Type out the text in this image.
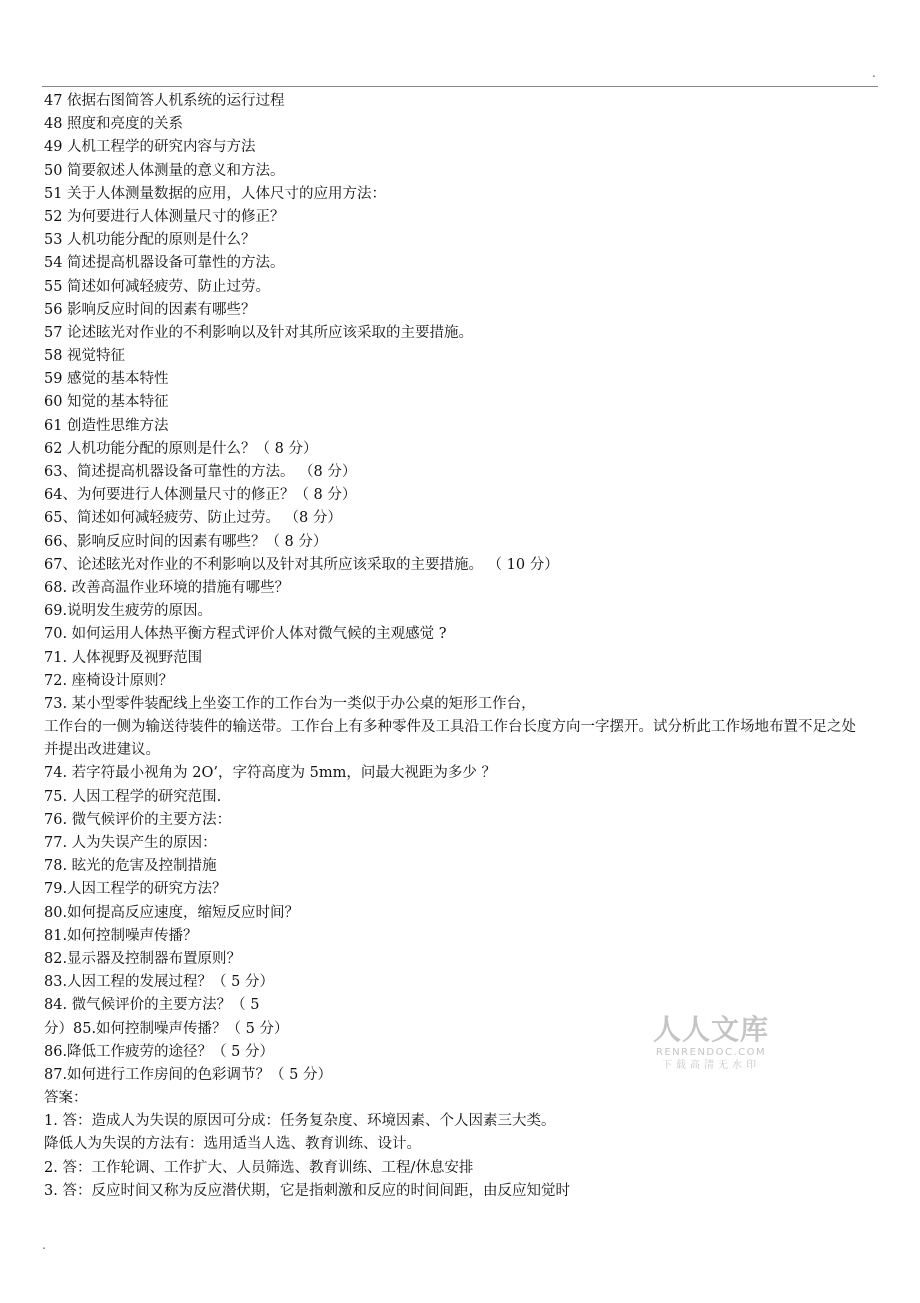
.
47 依据右图简答人机系统的运行过程
48 照度和亮度的关系
49 人机工程学的研究内容与方法
50 简要叙述人体测量的意义和方法。
51 关于人体测量数据的应用，人体尺寸的应用方法：
52 为何要进行人体测量尺寸的修正？
53 人机功能分配的原则是什么？
54 简述提高机器设备可靠性的方法。
55 简述如何减轻疲劳、防止过劳。
56 影响反应时间的因素有哪些？
57 论述眩光对作业的不利影响以及针对其所应该采取的主要措施。
58 视觉特征
59 感觉的基本特性
60 知觉的基本特征
61 创造性思维方法
62 人机功能分配的原则是什么？（ 8 分）
63、简述提高机器设备可靠性的方法。 （8 分）
64、为何要进行人体测量尺寸的修正？（ 8 分）
65、简述如何减轻疲劳、防止过劳。 （8 分）
66、影响反应时间的因素有哪些？（ 8 分）
67、论述眩光对作业的不利影响以及针对其所应该采取的主要措施。 （ 10 分）
68. 改善高温作业环境的措施有哪些？
69.说明发生疲劳的原因。
70. 如何运用人体热平衡方程式评价人体对微气候的主观感觉 ?
71. 人体视野及视野范围
72. 座椅设计原则？
73. 某小型零件装配线上坐姿工作的工作台为一类似于办公桌的矩形工作台，
工作台的一侧为输送待装件的输送带。工作台上有多种零件及工具沿工作台长度方向一字摆开。试分析此工作场地布置不足之处
并提出改进建议。
74. 若字符最小视角为 2O’，字符高度为 5mm，问最大视距为多少 ？
75. 人因工程学的研究范围.
76. 微气候评价的主要方法：
77. 人为失误产生的原因：
78. 眩光的危害及控制措施
79.人因工程学的研究方法？
80.如何提高反应速度，缩短反应时间？
81.如何控制噪声传播？
82.显示器及控制器布置原则？
83.人因工程的发展过程？（ 5 分）
84. 微气候评价的主要方法？（ 5
分）85.如何控制噪声传播？（ 5 分）
86.降低工作疲劳的途径？（ 5 分）
87.如何进行工作房间的色彩调节？（ 5 分）
答案：
1. 答：造成人为失误的原因可分成：任务复杂度、环境因素、个人因素三大类。
降低人为失误的方法有：选用适当人选、教育训练、设计。
2. 答：工作轮调、工作扩大、人员筛选、教育训练、工程/休息安排
3. 答：反应时间又称为反应潜伏期，它是指刺激和反应的时间间距，由反应知觉时
人人文库
RENRENDOC.COM
下载高清无水印
.
